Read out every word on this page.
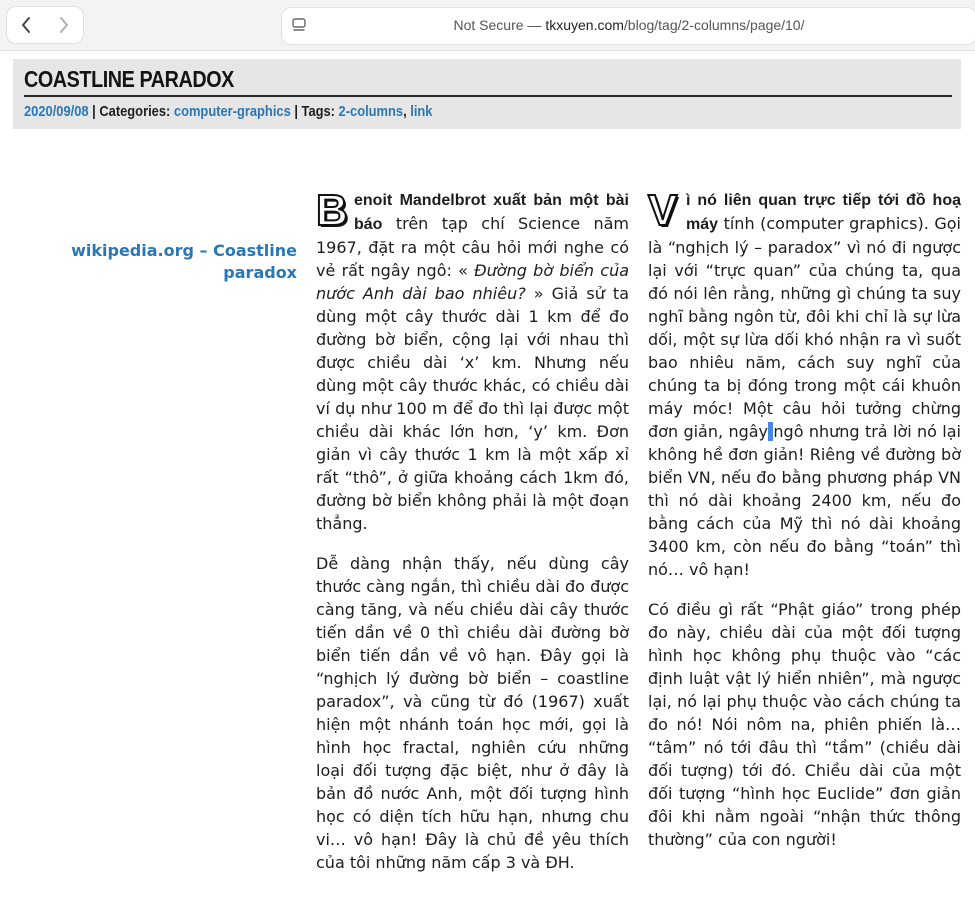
Not Secure — tkxuyen.com/blog/tag/2-columns/page/10/
COASTLINE PARADOX
2020/09/08 | Categories: computer-graphics | Tags: 2-columns, link
wikipedia.org – Coastline paradox

Benoit Mandelbrot xuất bản một bài báo trên tạp chí Science năm 1967, đặt ra một câu hỏi mới nghe có vẻ rất ngây ngô: « Đường bờ biển của nước Anh dài bao nhiêu? » Giả sử ta dùng một cây thước dài 1 km để đo đường bờ biển, cộng lại với nhau thì được chiều dài ‘x’ km. Nhưng nếu dùng một cây thước khác, có chiều dài ví dụ như 100 m để đo thì lại được một chiều dài khác lớn hơn, ‘y’ km. Đơn giản vì cây thước 1 km là một xấp xỉ rất “thô”, ở giữa khoảng cách 1km đó, đường bờ biển không phải là một đoạn thẳng.

Dễ dàng nhận thấy, nếu dùng cây thước càng ngắn, thì chiều dài đo được càng tăng, và nếu chiều dài cây thước tiến dần về 0 thì chiều dài đường bờ biển tiến dần về vô hạn. Đây gọi là “nghịch lý đường bờ biển – coastline paradox”, và cũng từ đó (1967) xuất hiện một nhánh toán học mới, gọi là hình học fractal, nghiên cứu những loại đối tượng đặc biệt, như ở đây là bản đồ nước Anh, một đối tượng hình học có diện tích hữu hạn, nhưng chu vi… vô hạn! Đây là chủ đề yêu thích của tôi những năm cấp 3 và ĐH.

Vì nó liên quan trực tiếp tới đồ hoạ máy tính (computer graphics). Gọi là “nghịch lý – paradox” vì nó đi ngược lại với “trực quan” của chúng ta, qua đó nói lên rằng, những gì chúng ta suy nghĩ bằng ngôn từ, đôi khi chỉ là sự lừa dối, một sự lừa dối khó nhận ra vì suốt bao nhiêu năm, cách suy nghĩ của chúng ta bị đóng trong một cái khuôn máy móc! Một câu hỏi tưởng chừng đơn giản, ngây ngô nhưng trả lời nó lại không hề đơn giản! Riêng về đường bờ biển VN, nếu đo bằng phương pháp VN thì nó dài khoảng 2400 km, nếu đo bằng cách của Mỹ thì nó dài khoảng 3400 km, còn nếu đo bằng “toán” thì nó… vô hạn!

Có điều gì rất “Phật giáo” trong phép đo này, chiều dài của một đối tượng hình học không phụ thuộc vào “các định luật vật lý hiển nhiên”, mà ngược lại, nó lại phụ thuộc vào cách chúng ta đo nó! Nói nôm na, phiên phiến là… “tâm” nó tới đâu thì “tầm” (chiều dài đối tượng) tới đó. Chiều dài của một đối tượng “hình học Euclide” đơn giản đôi khi nằm ngoài “nhận thức thông thường” của con người!
